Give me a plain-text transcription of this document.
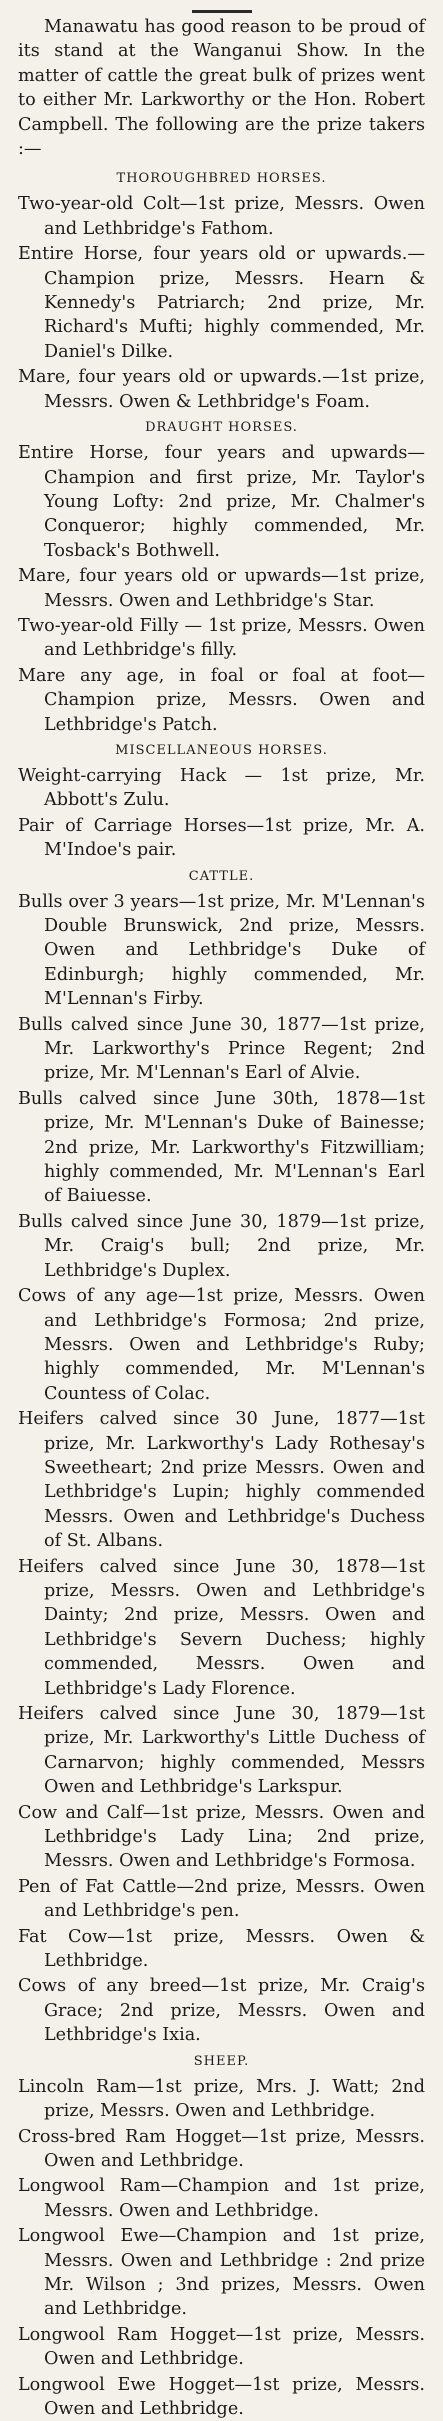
Manawatu has good reason to be proud of its stand at the Wanganui Show. In the matter of cattle the great bulk of prizes went to either Mr. Larkworthy or the Hon. Robert Campbell. The following are the prize takers :—

THOROUGHBRED HORSES.

Two-year-old Colt—1st prize, Messrs. Owen and Lethbridge's Fathom.

Entire Horse, four years old or upwards.—Champion prize, Messrs. Hearn & Kennedy's Patriarch; 2nd prize, Mr. Richard's Mufti; highly commended, Mr. Daniel's Dilke.

Mare, four years old or upwards.—1st prize, Messrs. Owen & Lethbridge's Foam.

DRAUGHT HORSES.

Entire Horse, four years and upwards—Champion and first prize, Mr. Taylor's Young Lofty: 2nd prize, Mr. Chalmer's Conqueror; highly commended, Mr. Tosback's Bothwell.

Mare, four years old or upwards—1st prize, Messrs. Owen and Lethbridge's Star.

Two-year-old Filly — 1st prize, Messrs. Owen and Lethbridge's filly.

Mare any age, in foal or foal at foot—Champion prize, Messrs. Owen and Lethbridge's Patch.

MISCELLANEOUS HORSES.

Weight-carrying Hack — 1st prize, Mr. Abbott's Zulu.

Pair of Carriage Horses—1st prize, Mr. A. M'Indoe's pair.

CATTLE.

Bulls over 3 years—1st prize, Mr. M'Lennan's Double Brunswick, 2nd prize, Messrs. Owen and Lethbridge's Duke of Edinburgh; highly commended, Mr. M'Lennan's Firby.

Bulls calved since June 30, 1877—1st prize, Mr. Larkworthy's Prince Regent; 2nd prize, Mr. M'Lennan's Earl of Alvie.

Bulls calved since June 30th, 1878—1st prize, Mr. M'Lennan's Duke of Bainesse; 2nd prize, Mr. Larkworthy's Fitzwilliam; highly commended, Mr. M'Lennan's Earl of Baiuesse.

Bulls calved since June 30, 1879—1st prize, Mr. Craig's bull; 2nd prize, Mr. Lethbridge's Duplex.

Cows of any age—1st prize, Messrs. Owen and Lethbridge's Formosa; 2nd prize, Messrs. Owen and Lethbridge's Ruby; highly commended, Mr. M'Lennan's Countess of Colac.

Heifers calved since 30 June, 1877—1st prize, Mr. Larkworthy's Lady Rothesay's Sweetheart; 2nd prize Messrs. Owen and Lethbridge's Lupin; highly commended Messrs. Owen and Lethbridge's Duchess of St. Albans.

Heifers calved since June 30, 1878—1st prize, Messrs. Owen and Lethbridge's Dainty; 2nd prize, Messrs. Owen and Lethbridge's Severn Duchess; highly commended, Messrs. Owen and Lethbridge's Lady Florence.

Heifers calved since June 30, 1879—1st prize, Mr. Larkworthy's Little Duchess of Carnarvon; highly commended, Messrs Owen and Lethbridge's Larkspur.

Cow and Calf—1st prize, Messrs. Owen and Lethbridge's Lady Lina; 2nd prize, Messrs. Owen and Lethbridge's Formosa.

Pen of Fat Cattle—2nd prize, Messrs. Owen and Lethbridge's pen.

Fat Cow—1st prize, Messrs. Owen & Lethbridge.

Cows of any breed—1st prize, Mr. Craig's Grace; 2nd prize, Messrs. Owen and Lethbridge's Ixia.

SHEEP.

Lincoln Ram—1st prize, Mrs. J. Watt; 2nd prize, Messrs. Owen and Lethbridge.

Cross-bred Ram Hogget—1st prize, Messrs. Owen and Lethbridge.

Longwool Ram—Champion and 1st prize, Messrs. Owen and Lethbridge.

Longwool Ewe—Champion and 1st prize, Messrs. Owen and Lethbridge : 2nd prize Mr. Wilson ; 3nd prizes, Messrs. Owen and Lethbridge.

Longwool Ram Hogget—1st prize, Messrs. Owen and Lethbridge.

Longwool Ewe Hogget—1st prize, Messrs. Owen and Lethbridge.
